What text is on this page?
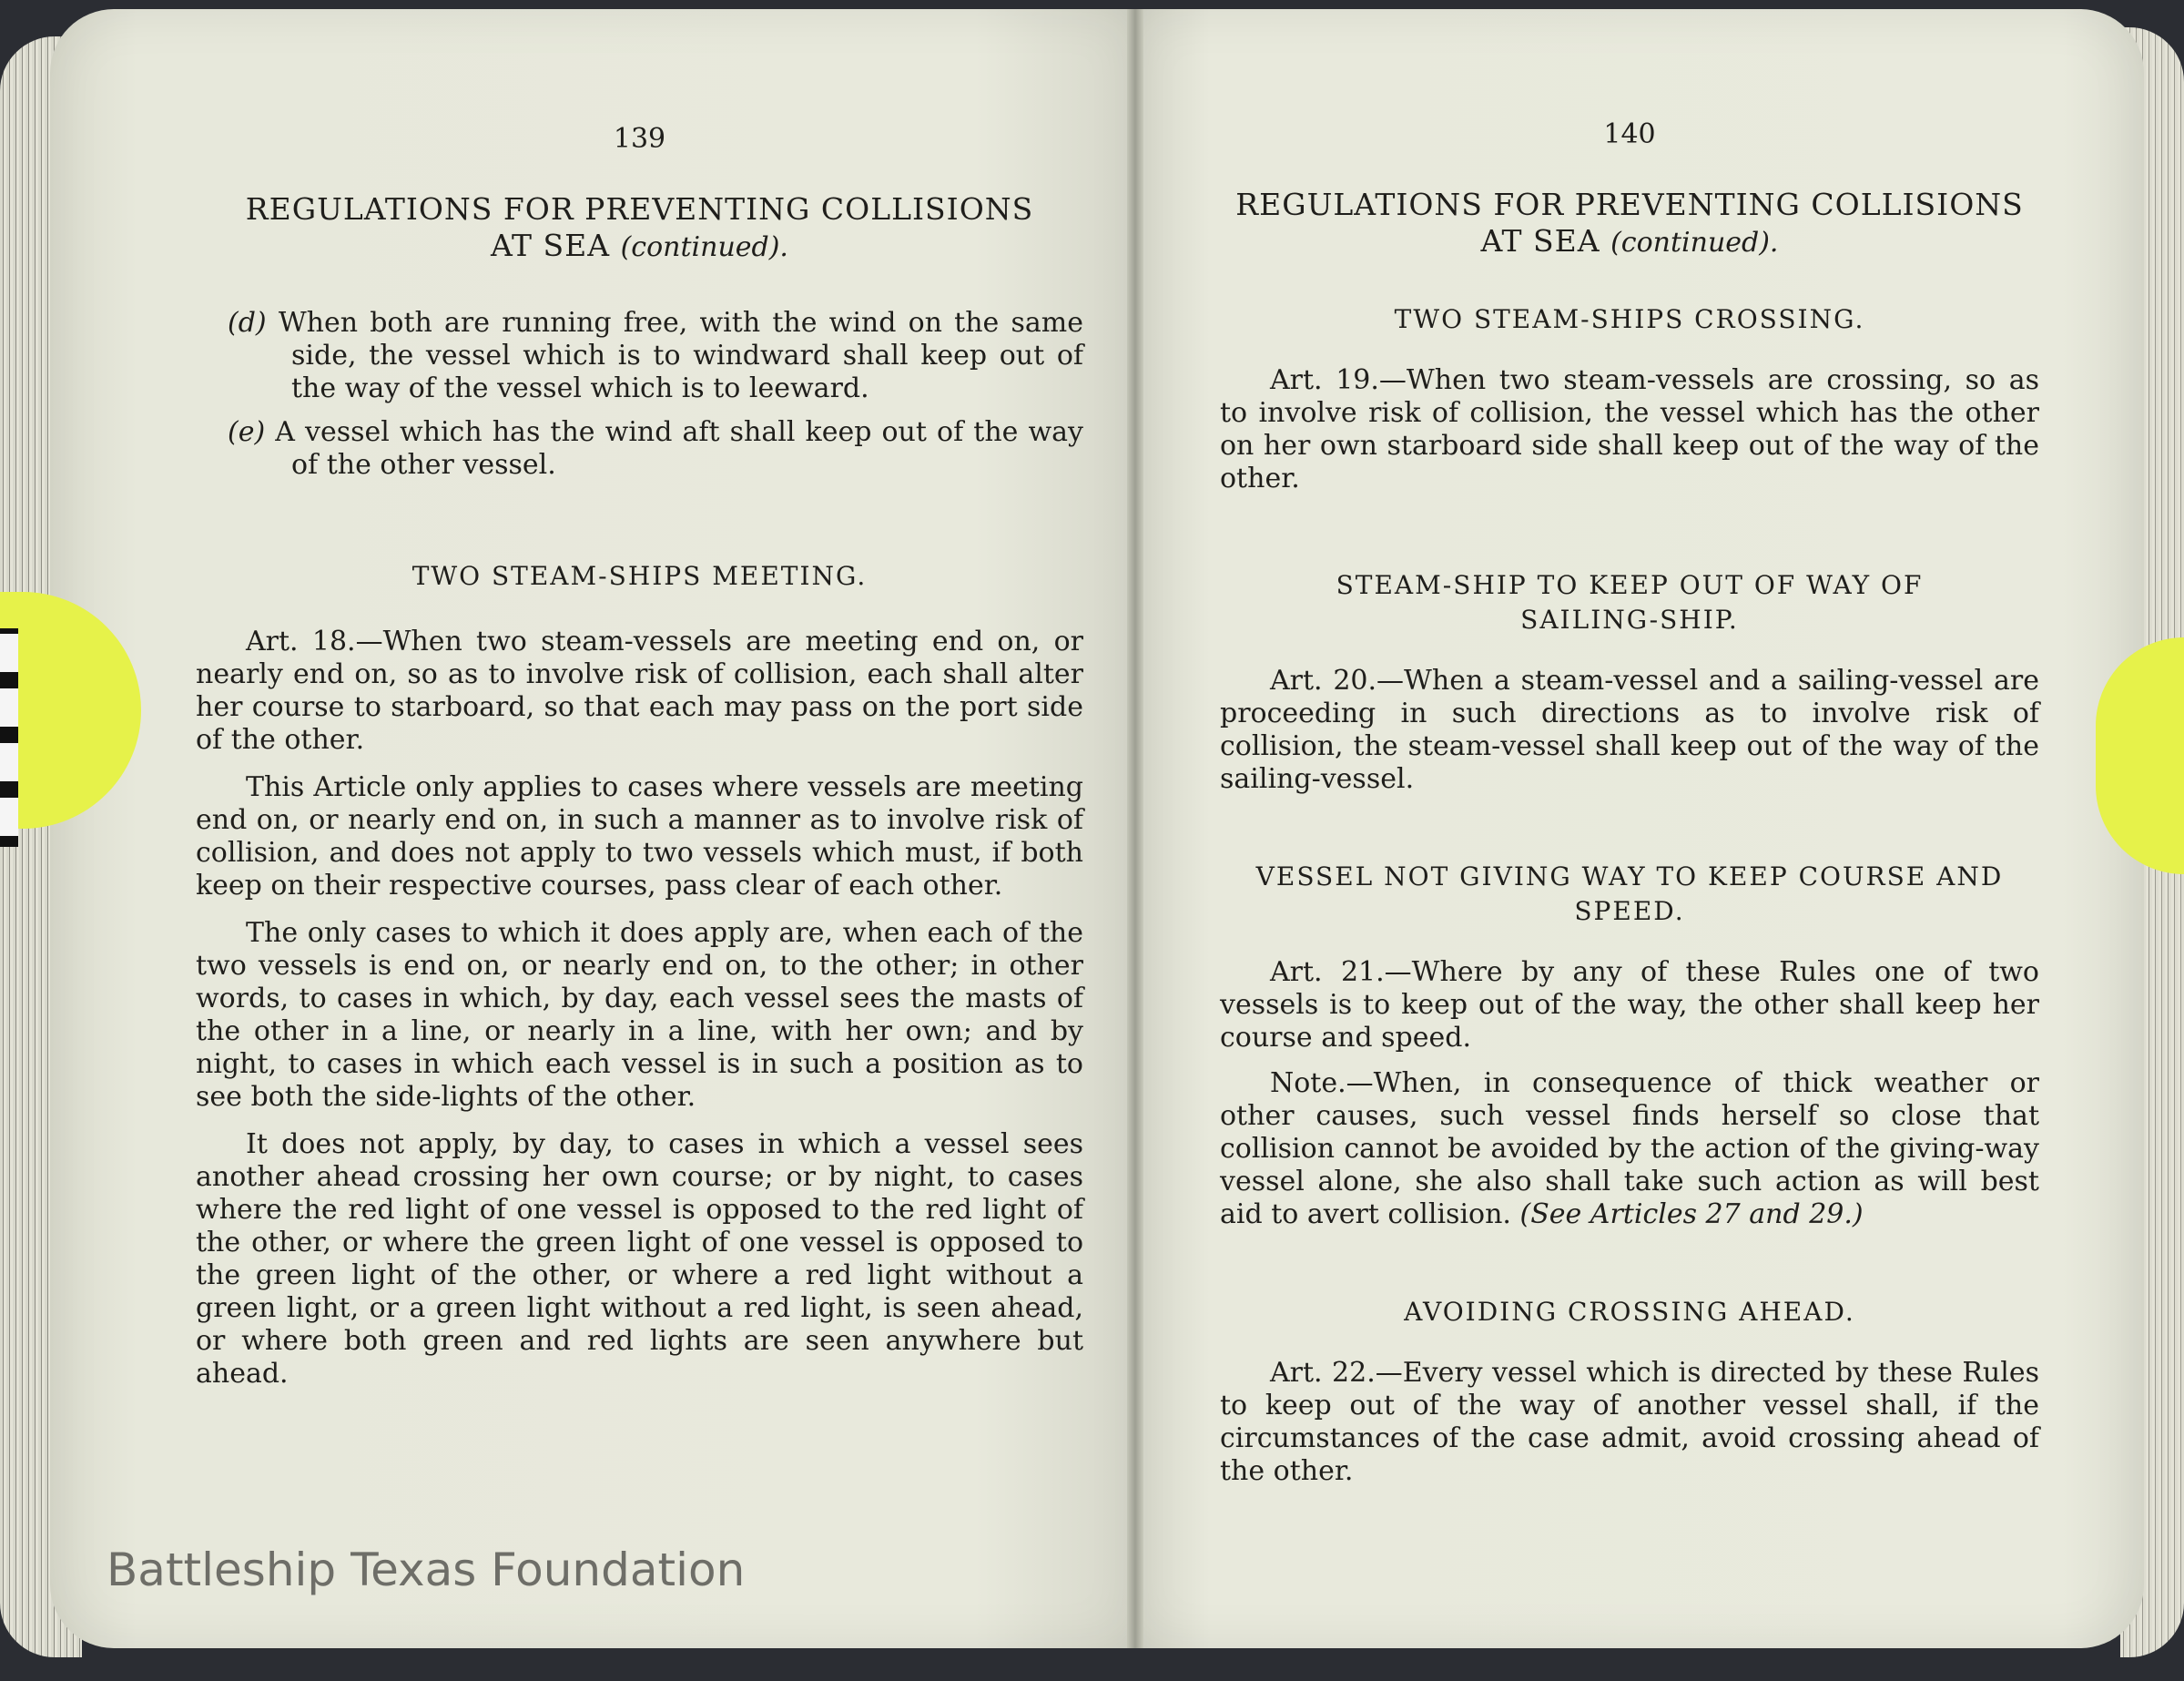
139
REGULATIONS FOR PREVENTING COLLISIONS
AT SEA (continued).

(d) When both are running free, with the wind on the same side, the vessel which is to windward shall keep out of the way of the vessel which is to leeward.

(e) A vessel which has the wind aft shall keep out of the way of the other vessel.

TWO STEAM-SHIPS MEETING.

Art. 18.—When two steam-vessels are meeting end on, or nearly end on, so as to involve risk of collision, each shall alter her course to starboard, so that each may pass on the port side of the other.

This Article only applies to cases where vessels are meeting end on, or nearly end on, in such a manner as to involve risk of collision, and does not apply to two vessels which must, if both keep on their respective courses, pass clear of each other.

The only cases to which it does apply are, when each of the two vessels is end on, or nearly end on, to the other; in other words, to cases in which, by day, each vessel sees the masts of the other in a line, or nearly in a line, with her own; and by night, to cases in which each vessel is in such a position as to see both the side-lights of the other.

It does not apply, by day, to cases in which a vessel sees another ahead crossing her own course; or by night, to cases where the red light of one vessel is opposed to the red light of the other, or where the green light of one vessel is opposed to the green light of the other, or where a red light without a green light, or a green light without a red light, is seen ahead, or where both green and red lights are seen anywhere but ahead.

140
REGULATIONS FOR PREVENTING COLLISIONS
AT SEA (continued).
TWO STEAM-SHIPS CROSSING.

Art. 19.—When two steam-vessels are crossing, so as to involve risk of collision, the vessel which has the other on her own starboard side shall keep out of the way of the other.

STEAM-SHIP TO KEEP OUT OF WAY OF
SAILING-SHIP.

Art. 20.—When a steam-vessel and a sailing-vessel are proceeding in such directions as to involve risk of collision, the steam-vessel shall keep out of the way of the sailing-vessel.

VESSEL NOT GIVING WAY TO KEEP COURSE AND
SPEED.

Art. 21.—Where by any of these Rules one of two vessels is to keep out of the way, the other shall keep her course and speed.

Note.—When, in consequence of thick weather or other causes, such vessel finds herself so close that collision cannot be avoided by the action of the giving-way vessel alone, she also shall take such action as will best aid to avert collision. (See Articles 27 and 29.)

AVOIDING CROSSING AHEAD.

Art. 22.—Every vessel which is directed by these Rules to keep out of the way of another vessel shall, if the circumstances of the case admit, avoid crossing ahead of the other.

Battleship Texas Foundation
